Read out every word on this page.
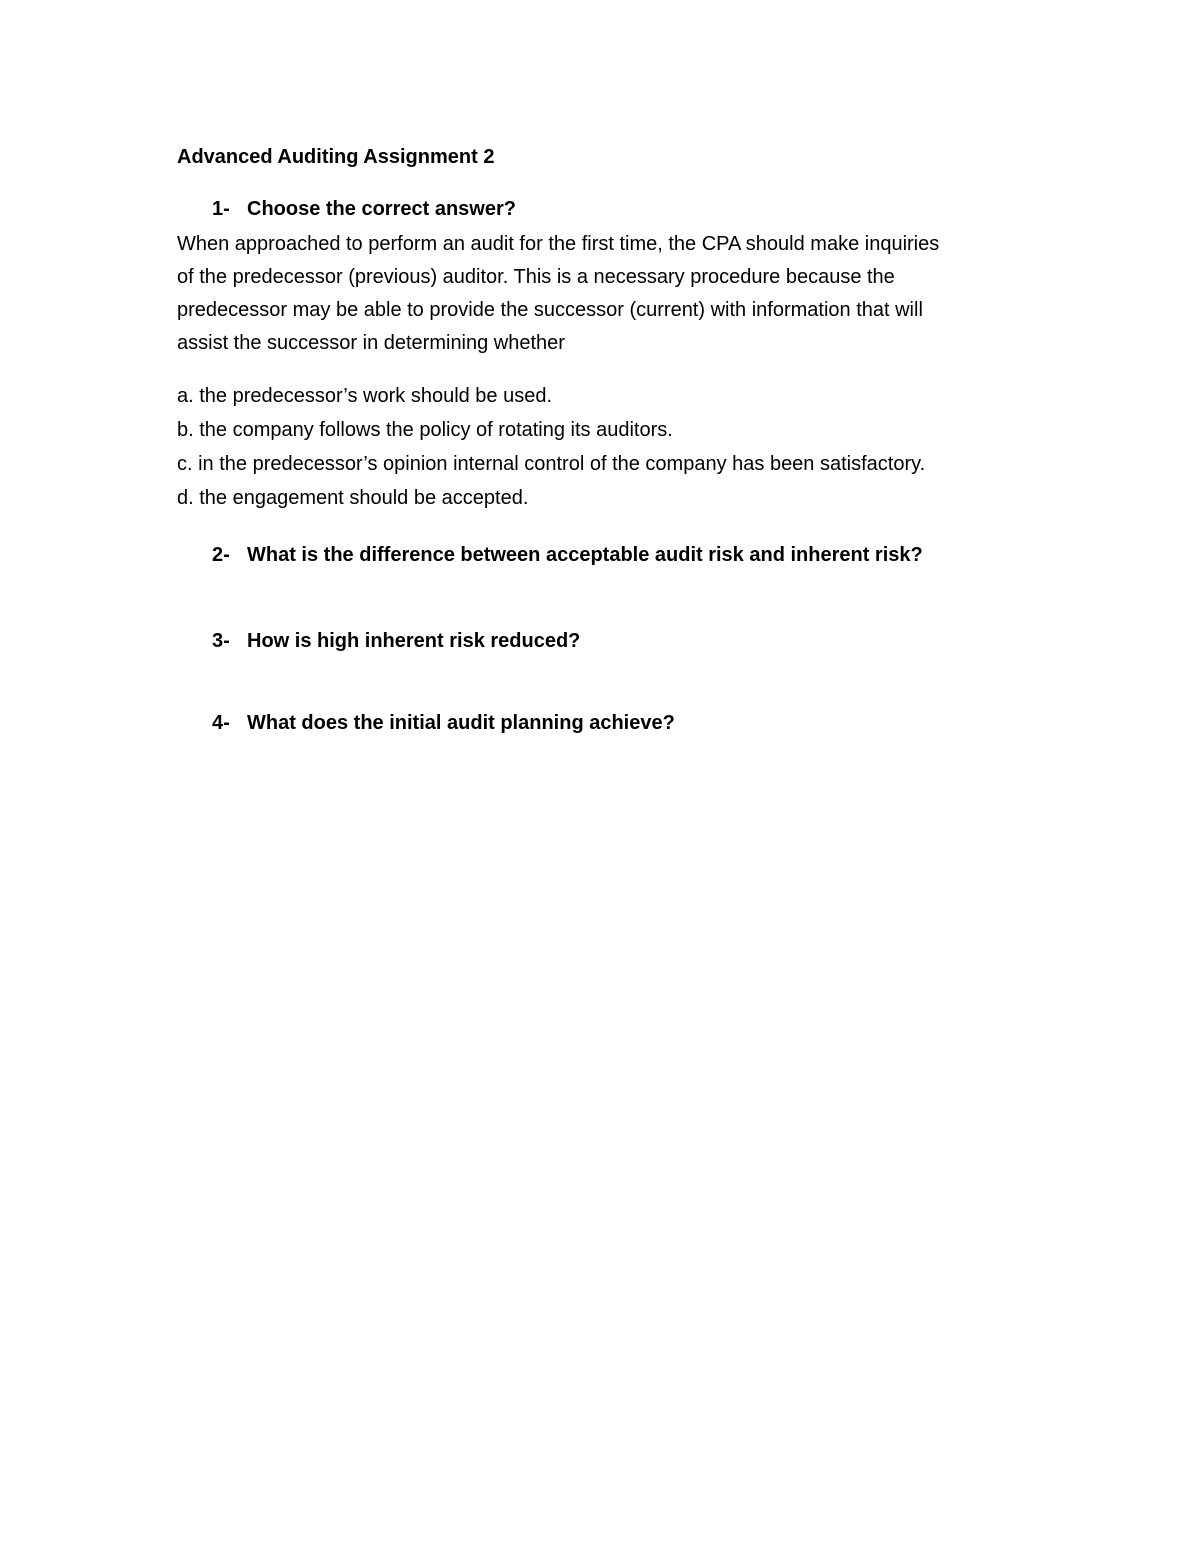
Advanced Auditing Assignment 2
1- Choose the correct answer?
When approached to perform an audit for the first time, the CPA should make inquiries
of the predecessor (previous) auditor. This is a necessary procedure because the
predecessor may be able to provide the successor (current) with information that will
assist the successor in determining whether
a. the predecessor’s work should be used.
b. the company follows the policy of rotating its auditors.
c. in the predecessor’s opinion internal control of the company has been satisfactory.
d. the engagement should be accepted.
2- What is the difference between acceptable audit risk and inherent risk?
3- How is high inherent risk reduced?
4- What does the initial audit planning achieve?
